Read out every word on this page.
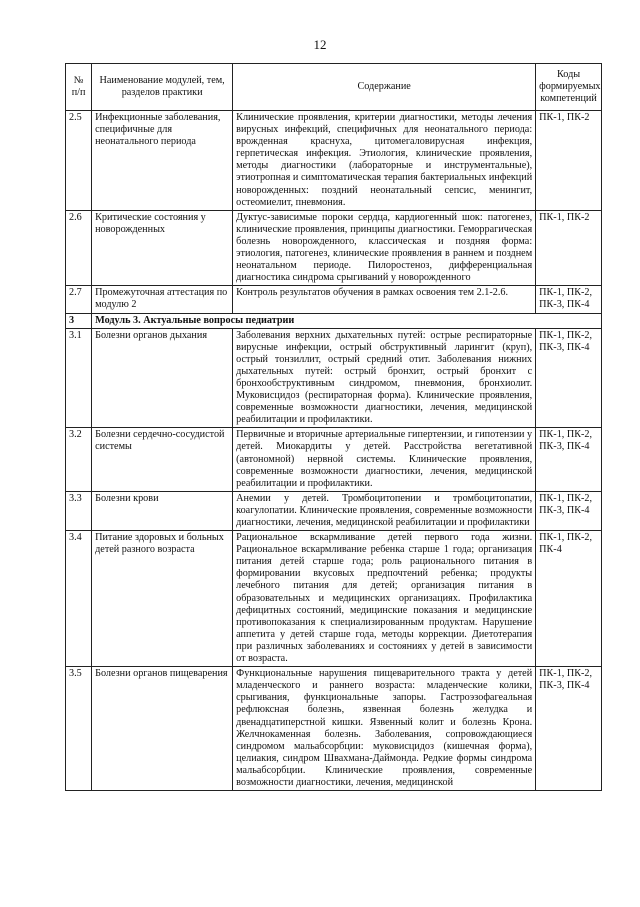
12
№ п/п	Наименование модулей, тем, разделов практики	Содержание	Коды формируемых компетенций
2.5	Инфекционные заболевания, специфичные для неонатального периода	Клинические проявления, критерии диагностики, методы лечения вирусных инфекций, специфичных для неонатального периода: врожденная краснуха, цитомегаловирусная инфекция, герпетическая инфекция. Этиология, клинические проявления, методы диагностики (лабораторные и инструментальные), этиотропная и симптоматическая терапия бактериальных инфекций новорожденных: поздний неонатальный сепсис, менингит, остеомиелит, пневмония.	ПК-1, ПК-2
2.6	Критические состояния у новорожденных	Дуктус-зависимые пороки сердца, кардиогенный шок: патогенез, клинические проявления, принципы диагностики. Геморрагическая болезнь новорожденного, классическая и поздняя форма: этиология, патогенез, клинические проявления в раннем и позднем неонатальном периоде. Пилоростеноз, дифференциальная диагностика синдрома срыгиваний у новорожденного	ПК-1, ПК-2
2.7	Промежуточная аттестация по модулю 2	Контроль результатов обучения в рамках освоения тем 2.1-2.6.	ПК-1, ПК-2, ПК-3, ПК-4
3	Модуль 3. Актуальные вопросы педиатрии		
3.1	Болезни органов дыхания	Заболевания верхних дыхательных путей: острые респираторные вирусные инфекции, острый обструктивный ларингит (круп), острый тонзиллит, острый средний отит. Заболевания нижних дыхательных путей: острый бронхит, острый бронхит с бронхообструктивным синдромом, пневмония, бронхиолит. Муковисцидоз (респираторная форма). Клинические проявления, современные возможности диагностики, лечения, медицинской реабилитации и профилактики.	ПК-1, ПК-2, ПК-3, ПК-4
3.2	Болезни сердечно-сосудистой системы	Первичные и вторичные артериальные гипертензии, и гипотензии у детей. Миокардиты у детей. Расстройства вегетативной (автономной) нервной системы. Клинические проявления, современные возможности диагностики, лечения, медицинской реабилитации и профилактики.	ПК-1, ПК-2, ПК-3, ПК-4
3.3	Болезни крови	Анемии у детей. Тромбоцитопении и тромбоцитопатии, коагулопатии. Клинические проявления, современные возможности диагностики, лечения, медицинской реабилитации и профилактики	ПК-1, ПК-2, ПК-3, ПК-4
3.4	Питание здоровых и больных детей разного возраста	Рациональное вскармливание детей первого года жизни. Рациональное вскармливание ребенка старше 1 года; организация питания детей старше года; роль рационального питания в формировании вкусовых предпочтений ребенка; продукты лечебного питания для детей; организация питания в образовательных и медицинских организациях. Профилактика дефицитных состояний, медицинские показания и медицинские противопоказания к специализированным продуктам. Нарушение аппетита у детей старше года, методы коррекции. Диетотерапия при различных заболеваниях и состояниях у детей в зависимости от возраста.	ПК-1, ПК-2, ПК-4
3.5	Болезни органов пищеварения	Функциональные нарушения пищеварительного тракта у детей младенческого и раннего возраста: младенческие колики, срыгивания, функциональные запоры. Гастроэзофагеальная рефлюксная болезнь, язвенная болезнь желудка и двенадцатиперстной кишки. Язвенный колит и болезнь Крона. Желчнокаменная болезнь. Заболевания, сопровождающиеся синдромом мальабсорбции: муковисцидоз (кишечная форма), целиакия, синдром Швахмана-Даймонда. Редкие формы синдрома мальабсорбции. Клинические проявления, современные возможности диагностики, лечения, медицинской	ПК-1, ПК-2, ПК-3, ПК-4
